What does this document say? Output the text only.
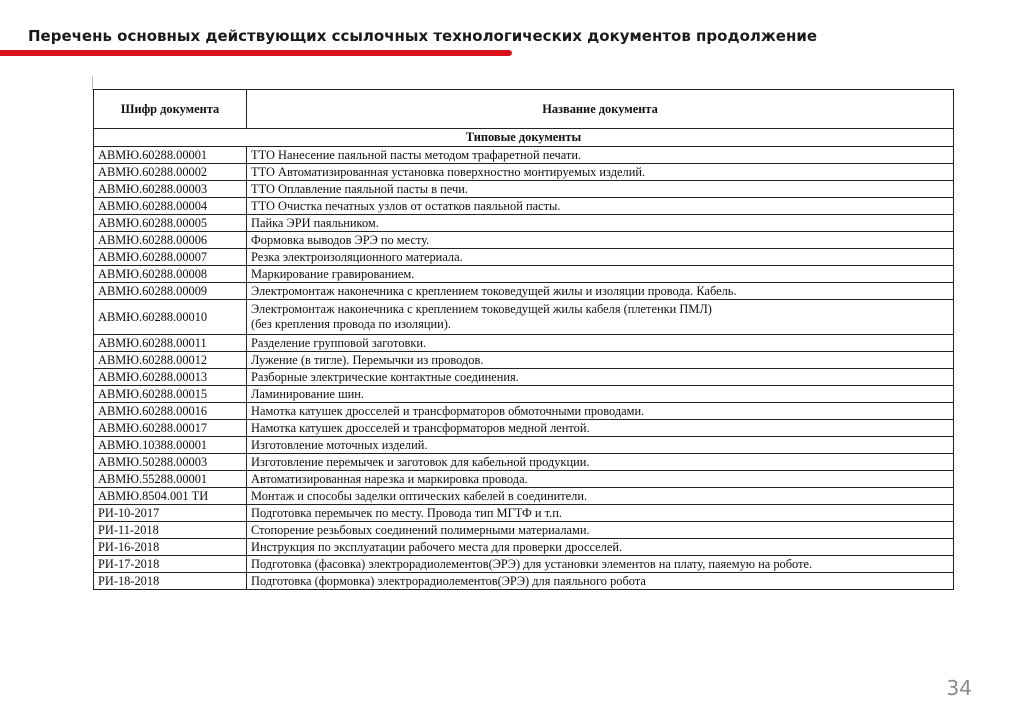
Перечень основных действующих ссылочных технологических документов продолжение
Шифр документа	Название документа
Типовые документы	
АВМЮ.60288.00001	ТТО Нанесение паяльной пасты методом трафаретной печати.
АВМЮ.60288.00002	ТТО Автоматизированная установка поверхностно монтируемых изделий.
АВМЮ.60288.00003	ТТО Оплавление паяльной пасты в печи.
АВМЮ.60288.00004	ТТО Очистка печатных узлов от остатков паяльной пасты.
АВМЮ.60288.00005	Пайка ЭРИ паяльником.
АВМЮ.60288.00006	Формовка выводов ЭРЭ по месту.
АВМЮ.60288.00007	Резка электроизоляционного материала.
АВМЮ.60288.00008	Маркирование гравированием.
АВМЮ.60288.00009	Электромонтаж наконечника с креплением токоведущей жилы и изоляции провода. Кабель.
АВМЮ.60288.00010	Электромонтаж наконечника с креплением токоведущей жилы кабеля (плетенки ПМЛ)
(без крепления провода по изоляции).

АВМЮ.60288.00011	Разделение групповой заготовки.
АВМЮ.60288.00012	Лужение (в тигле). Перемычки из проводов.
АВМЮ.60288.00013	Разборные электрические контактные соединения.
АВМЮ.60288.00015	Ламинирование шин.
АВМЮ.60288.00016	Намотка катушек дросселей и трансформаторов обмоточными проводами.
АВМЮ.60288.00017	Намотка катушек дросселей и трансформаторов медной лентой.
АВМЮ.10388.00001	Изготовление моточных изделий.
АВМЮ.50288.00003	Изготовление перемычек и заготовок для кабельной продукции.
АВМЮ.55288.00001	Автоматизированная нарезка и маркировка провода.
АВМЮ.8504.001 ТИ	Монтаж и способы заделки оптических кабелей в соединители.
РИ-10-2017	Подготовка перемычек по месту. Провода тип МГТФ и т.п.
РИ-11-2018	Стопорение резьбовых соединений полимерными материалами.
РИ-16-2018	Инструкция по эксплуатации рабочего места для проверки дросселей.
РИ-17-2018	Подготовка (фасовка) электрорадиолементов(ЭРЭ) для установки элементов на плату, паяемую на роботе.
РИ-18-2018	Подготовка (формовка) электрорадиолементов(ЭРЭ) для паяльного робота
34
